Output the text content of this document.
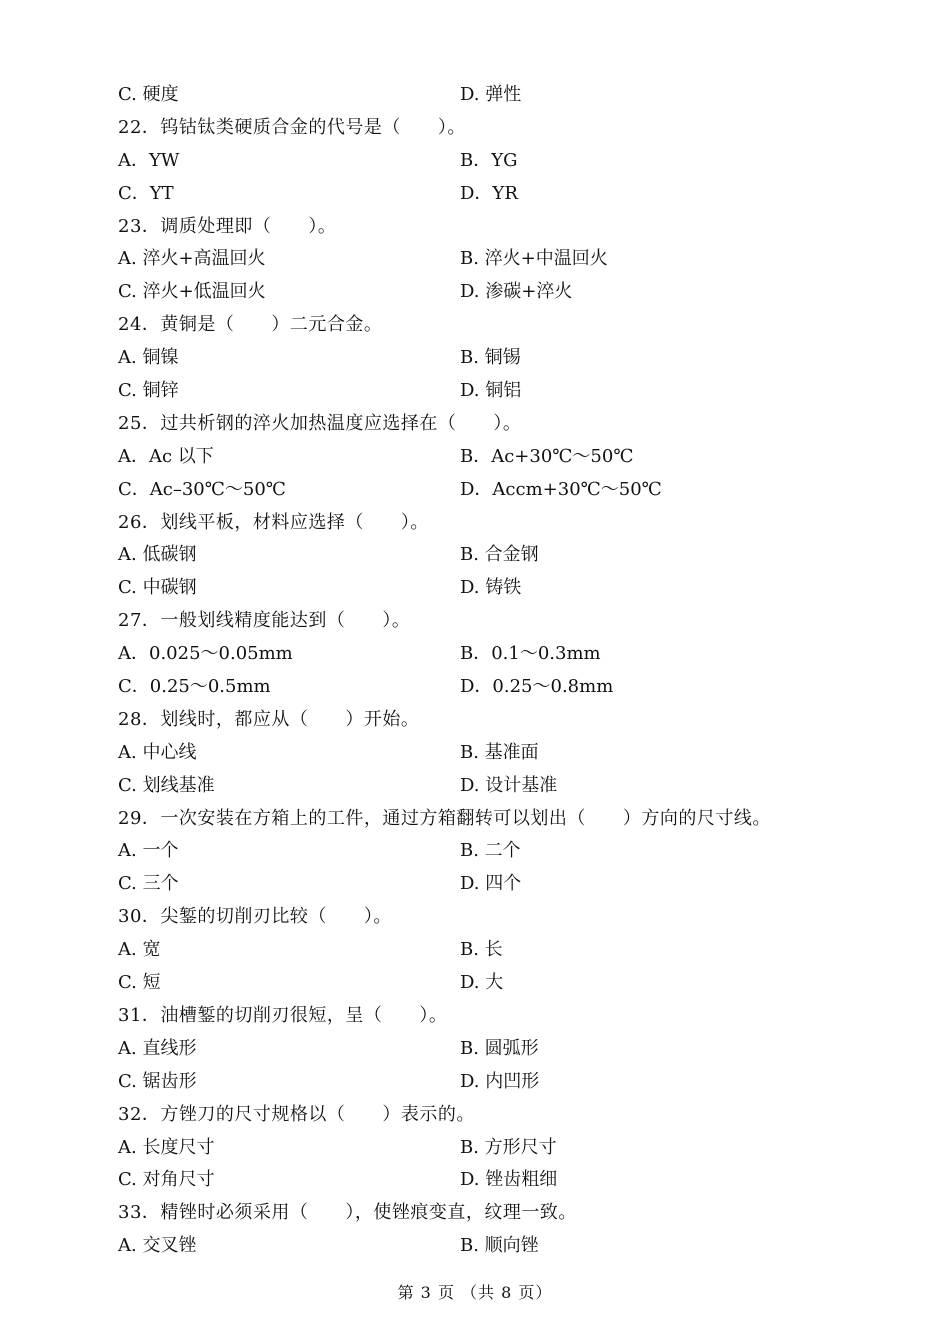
C. 硬度	D. 弹性
22．钨钴钛类硬质合金的代号是（　　）。
A．YW	B．YG
C．YT	D．YR
23．调质处理即（　　）。
A. 淬火+高温回火	B. 淬火+中温回火
C. 淬火+低温回火	D. 渗碳+淬火
24．黄铜是（　　）二元合金。
A. 铜镍	B. 铜锡
C. 铜锌	D. 铜铝
25．过共析钢的淬火加热温度应选择在（　　）。
A．Ac 以下	B．Ac+30℃～50℃
C．Ac–30℃～50℃	D．Accm+30℃～50℃
26．划线平板，材料应选择（　　）。
A. 低碳钢	B. 合金钢
C. 中碳钢	D. 铸铁
27．一般划线精度能达到（　　）。
A．0.025～0.05mm	B．0.1～0.3mm
C．0.25～0.5mm	D．0.25～0.8mm
28．划线时，都应从（　　）开始。
A. 中心线	B. 基准面
C. 划线基准	D. 设计基准
29．一次安装在方箱上的工件，通过方箱翻转可以划出（　　）方向的尺寸线。
A. 一个	B. 二个
C. 三个	D. 四个
30．尖錾的切削刃比较（　　）。
A. 宽	B. 长
C. 短	D. 大
31．油槽錾的切削刃很短，呈（　　）。
A. 直线形	B. 圆弧形
C. 锯齿形	D. 内凹形
32．方锉刀的尺寸规格以（　　）表示的。
A. 长度尺寸	B. 方形尺寸
C. 对角尺寸	D. 锉齿粗细
33．精锉时必须采用（　　），使锉痕变直，纹理一致。
A. 交叉锉	B. 顺向锉
第 3 页 （共 8 页）
